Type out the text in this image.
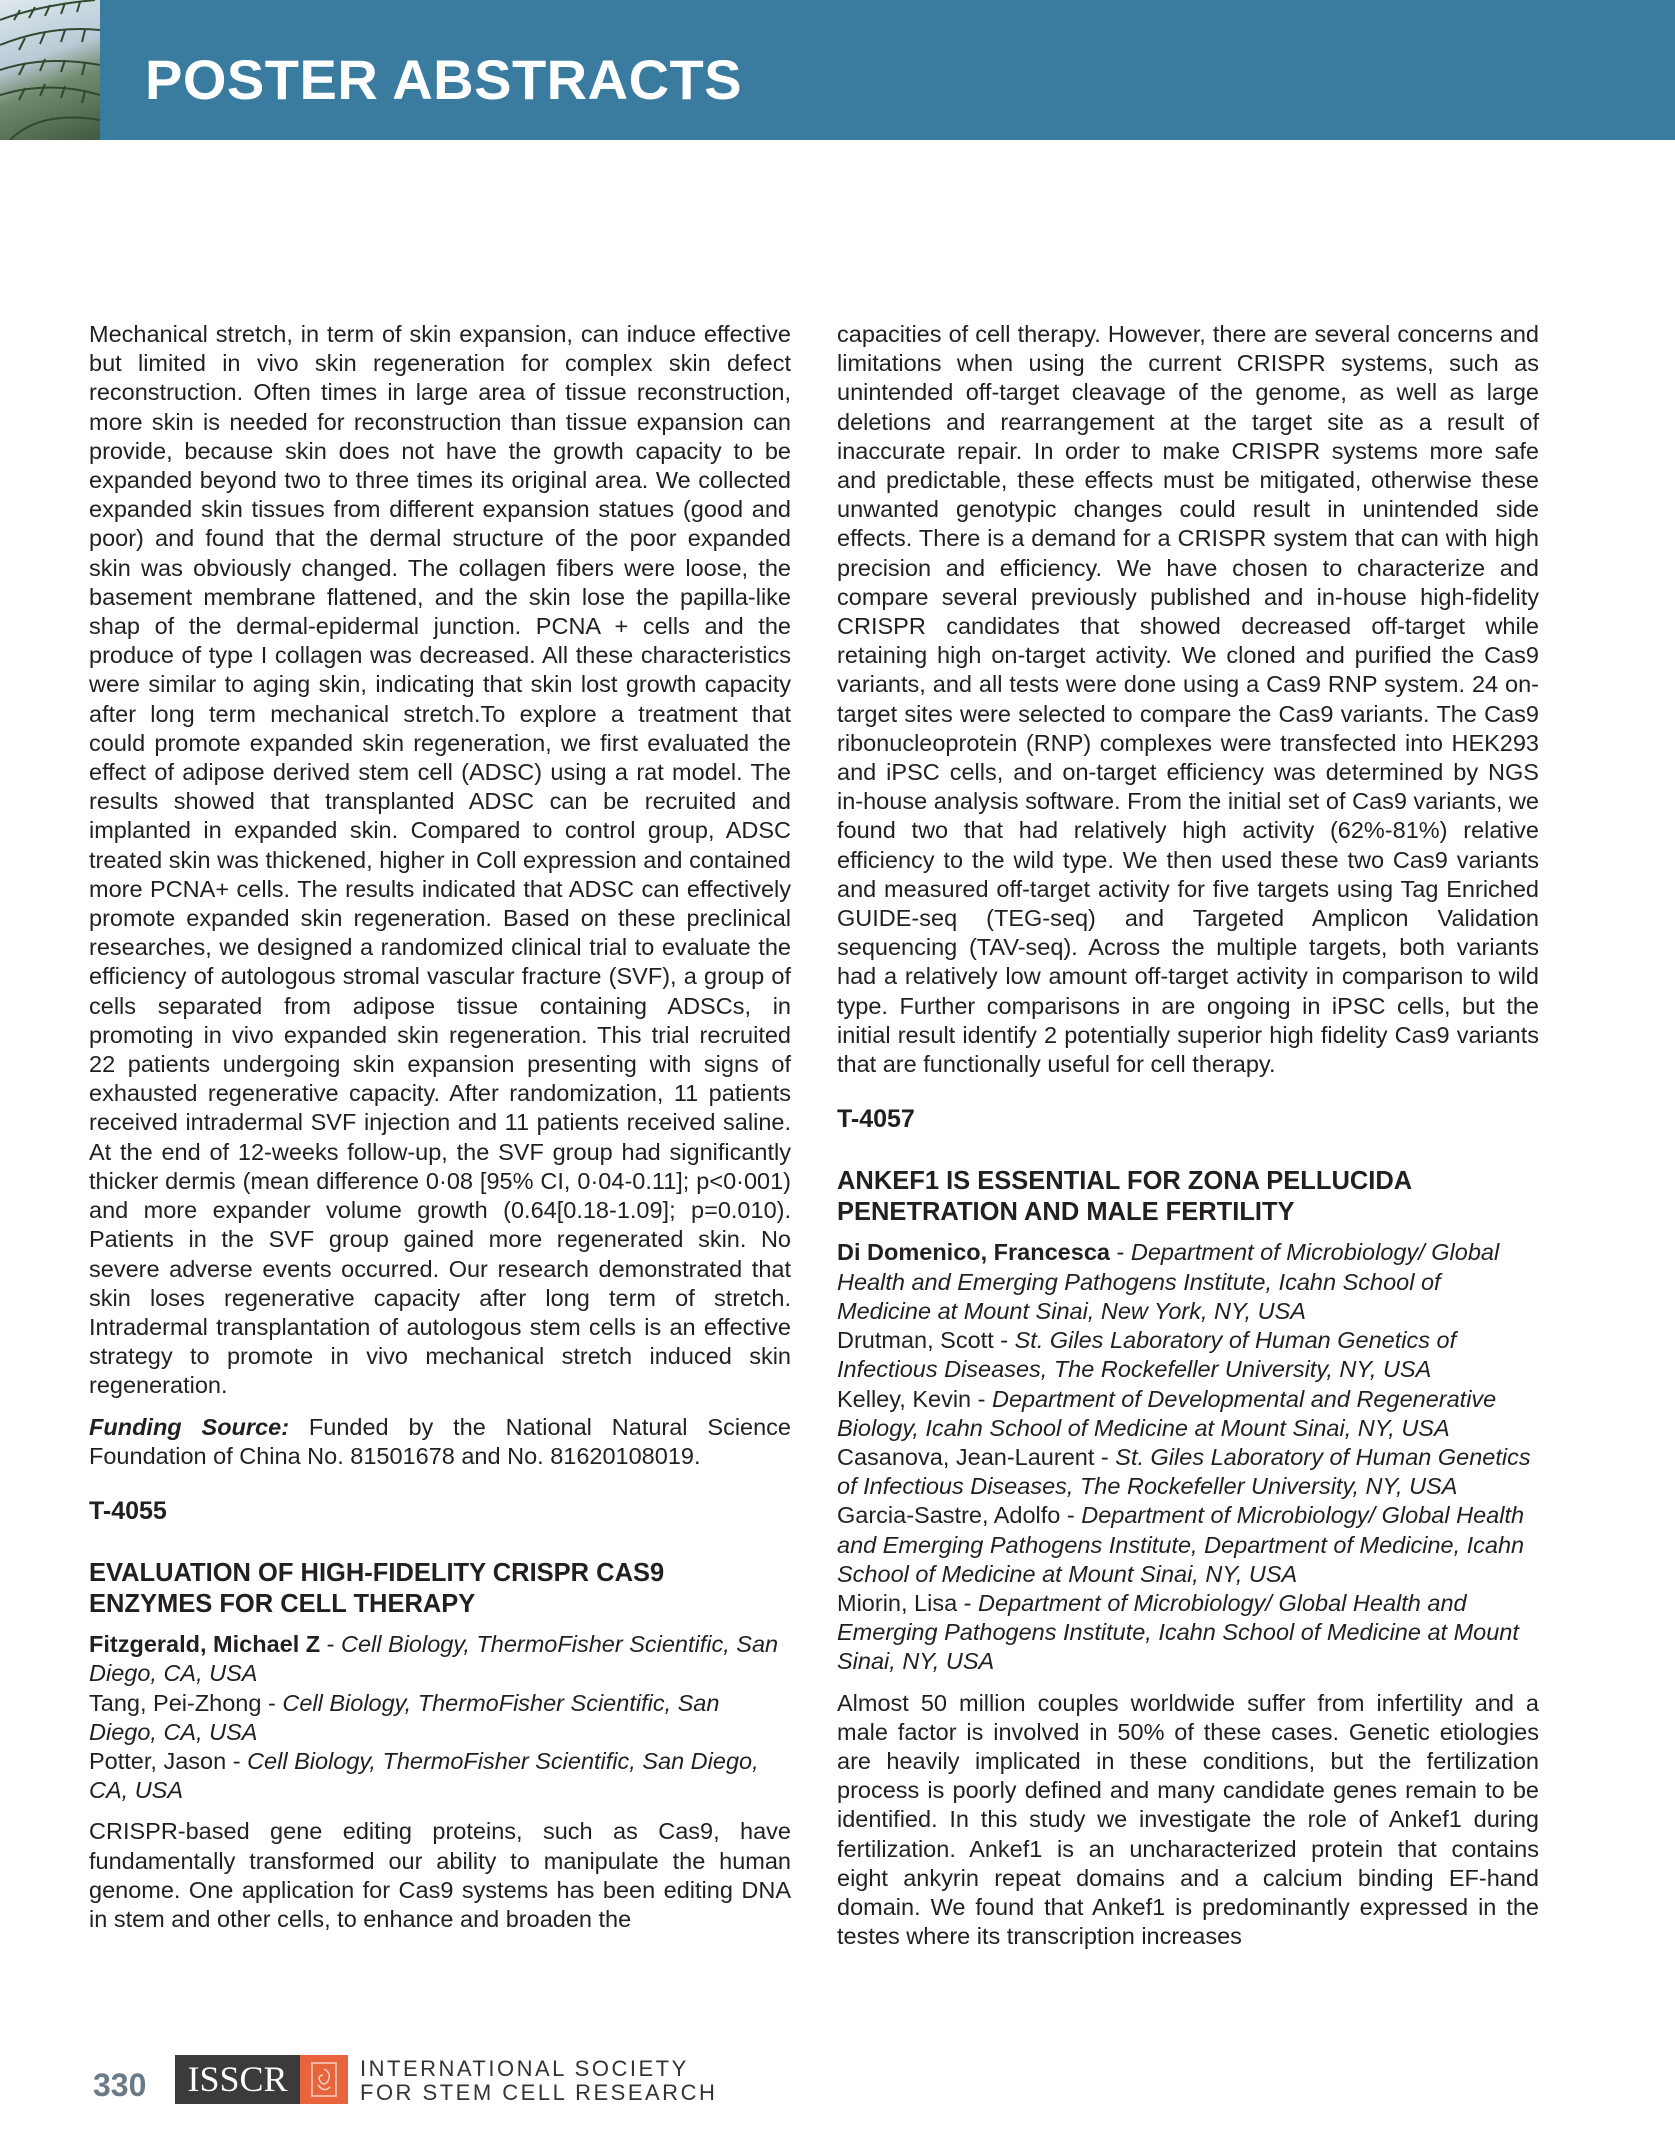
POSTER ABSTRACTS

Mechanical stretch, in term of skin expansion, can induce effective but limited in vivo skin regeneration for complex skin defect reconstruction. Often times in large area of tissue reconstruction, more skin is needed for reconstruction than tissue expansion can provide, because skin does not have the growth capacity to be expanded beyond two to three times its original area. We collected expanded skin tissues from different expansion statues (good and poor) and found that the dermal structure of the poor expanded skin was obviously changed. The collagen fibers were loose, the basement membrane flattened, and the skin lose the papilla-like shap of the dermal-epidermal junction. PCNA + cells and the produce of type I collagen was decreased. All these characteristics were similar to aging skin, indicating that skin lost growth capacity after long term mechanical stretch.To explore a treatment that could promote expanded skin regeneration, we first evaluated the effect of adipose derived stem cell (ADSC) using a rat model. The results showed that transplanted ADSC can be recruited and implanted in expanded skin. Compared to control group, ADSC treated skin was thickened, higher in Coll expression and contained more PCNA+ cells. The results indicated that ADSC can effectively promote expanded skin regeneration. Based on these preclinical researches, we designed a randomized clinical trial to evaluate the efficiency of autologous stromal vascular fracture (SVF), a group of cells separated from adipose tissue containing ADSCs, in promoting in vivo expanded skin regeneration. This trial recruited 22 patients undergoing skin expansion presenting with signs of exhausted regenerative capacity. After randomization, 11 patients received intradermal SVF injection and 11 patients received saline. At the end of 12-weeks follow-up, the SVF group had significantly thicker dermis (mean difference 0·08 [95% CI, 0·04-0.11]; p<0·001) and more expander volume growth (0.64[0.18-1.09]; p=0.010). Patients in the SVF group gained more regenerated skin. No severe adverse events occurred. Our research demonstrated that skin loses regenerative capacity after long term of stretch. Intradermal transplantation of autologous stem cells is an effective strategy to promote in vivo mechanical stretch induced skin regeneration.

Funding Source: Funded by the National Natural Science Foundation of China No. 81501678 and No. 81620108019.

T-4055
EVALUATION OF HIGH-FIDELITY CRISPR CAS9 ENZYMES FOR CELL THERAPY
Fitzgerald, Michael Z - Cell Biology, ThermoFisher Scientific, San Diego, CA, USA
Tang, Pei-Zhong - Cell Biology, ThermoFisher Scientific, San Diego, CA, USA
Potter, Jason - Cell Biology, ThermoFisher Scientific, San Diego, CA, USA

CRISPR-based gene editing proteins, such as Cas9, have fundamentally transformed our ability to manipulate the human genome. One application for Cas9 systems has been editing DNA in stem and other cells, to enhance and broaden the

capacities of cell therapy. However, there are several concerns and limitations when using the current CRISPR systems, such as unintended off-target cleavage of the genome, as well as large deletions and rearrangement at the target site as a result of inaccurate repair. In order to make CRISPR systems more safe and predictable, these effects must be mitigated, otherwise these unwanted genotypic changes could result in unintended side effects. There is a demand for a CRISPR system that can with high precision and efficiency. We have chosen to characterize and compare several previously published and in-house high-fidelity CRISPR candidates that showed decreased off-target while retaining high on-target activity. We cloned and purified the Cas9 variants, and all tests were done using a Cas9 RNP system. 24 on-target sites were selected to compare the Cas9 variants. The Cas9 ribonucleoprotein (RNP) complexes were transfected into HEK293 and iPSC cells, and on-target efficiency was determined by NGS in-house analysis software. From the initial set of Cas9 variants, we found two that had relatively high activity (62%-81%) relative efficiency to the wild type. We then used these two Cas9 variants and measured off-target activity for five targets using Tag Enriched GUIDE-seq (TEG-seq) and Targeted Amplicon Validation sequencing (TAV-seq). Across the multiple targets, both variants had a relatively low amount off-target activity in comparison to wild type. Further comparisons in are ongoing in iPSC cells, but the initial result identify 2 potentially superior high fidelity Cas9 variants that are functionally useful for cell therapy.

T-4057
ANKEF1 IS ESSENTIAL FOR ZONA PELLUCIDA PENETRATION AND MALE FERTILITY
Di Domenico, Francesca - Department of Microbiology/ Global Health and Emerging Pathogens Institute, Icahn School of Medicine at Mount Sinai, New York, NY, USA
Drutman, Scott - St. Giles Laboratory of Human Genetics of Infectious Diseases, The Rockefeller University, NY, USA
Kelley, Kevin - Department of Developmental and Regenerative Biology, Icahn School of Medicine at Mount Sinai, NY, USA
Casanova, Jean-Laurent - St. Giles Laboratory of Human Genetics of Infectious Diseases, The Rockefeller University, NY, USA
Garcia-Sastre, Adolfo - Department of Microbiology/ Global Health and Emerging Pathogens Institute, Department of Medicine, Icahn School of Medicine at Mount Sinai, NY, USA
Miorin, Lisa - Department of Microbiology/ Global Health and Emerging Pathogens Institute, Icahn School of Medicine at Mount Sinai, NY, USA

Almost 50 million couples worldwide suffer from infertility and a male factor is involved in 50% of these cases. Genetic etiologies are heavily implicated in these conditions, but the fertilization process is poorly defined and many candidate genes remain to be identified. In this study we investigate the role of Ankef1 during fertilization. Ankef1 is an uncharacterized protein that contains eight ankyrin repeat domains and a calcium binding EF-hand domain. We found that Ankef1 is predominantly expressed in the testes where its transcription increases

330	ISSCR	INTERNATIONAL SOCIETY
FOR STEM CELL RESEARCH
